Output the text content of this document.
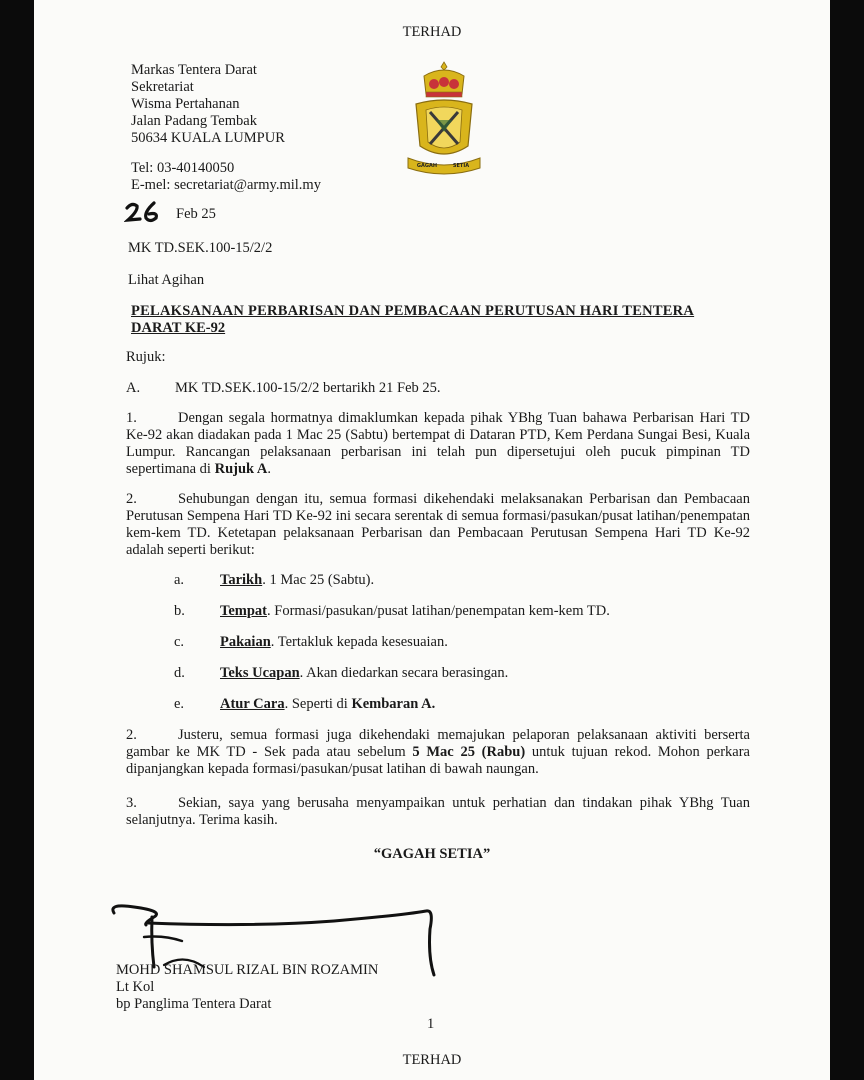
TERHAD
Markas Tentera Darat
Sekretariat
Wisma Pertahanan
Jalan Padang Tembak
50634 KUALA LUMPUR
Tel: 03-40140050
E-mel: secretariat@army.mil.my
GAGAH	SETIA
Feb 25
MK TD.SEK.100-15/2/2
Lihat Agihan
PELAKSANAAN PERBARISAN DAN PEMBACAAN PERUTUSAN HARI TENTERA
DARAT KE-92
Rujuk:
A. MK TD.SEK.100-15/2/2 bertarikh 21 Feb 25.
1.	Dengan segala hormatnya dimaklumkan kepada pihak YBhg Tuan bahawa Perbarisan Hari TD Ke-92 akan diadakan pada 1 Mac 25 (Sabtu) bertempat di Dataran PTD, Kem Perdana Sungai Besi, Kuala Lumpur. Rancangan pelaksanaan perbarisan ini telah pun dipersetujui oleh pucuk pimpinan TD sepertimana di Rujuk A.
2.	Sehubungan dengan itu, semua formasi dikehendaki melaksanakan Perbarisan dan Pembacaan Perutusan Sempena Hari TD Ke-92 ini secara serentak di semua formasi/pasukan/pusat latihan/penempatan kem-kem TD. Ketetapan pelaksanaan Perbarisan dan Pembacaan Perutusan Sempena Hari TD Ke-92 adalah seperti berikut:
a. Tarikh. 1 Mac 25 (Sabtu).
b. Tempat. Formasi/pasukan/pusat latihan/penempatan kem-kem TD.
c. Pakaian. Tertakluk kepada kesesuaian.
d. Teks Ucapan. Akan diedarkan secara berasingan.
e. Atur Cara. Seperti di Kembaran A.
2.	Justeru, semua formasi juga dikehendaki memajukan pelaporan pelaksanaan aktiviti berserta gambar ke MK TD - Sek pada atau sebelum 5 Mac 25 (Rabu) untuk tujuan rekod. Mohon perkara dipanjangkan kepada formasi/pasukan/pusat latihan di bawah naungan.
3.	Sekian, saya yang berusaha menyampaikan untuk perhatian dan tindakan pihak YBhg Tuan selanjutnya. Terima kasih.
“GAGAH SETIA”
MOHD SHAMSUL RIZAL BIN ROZAMIN
Lt Kol
bp Panglima Tentera Darat
1
TERHAD
